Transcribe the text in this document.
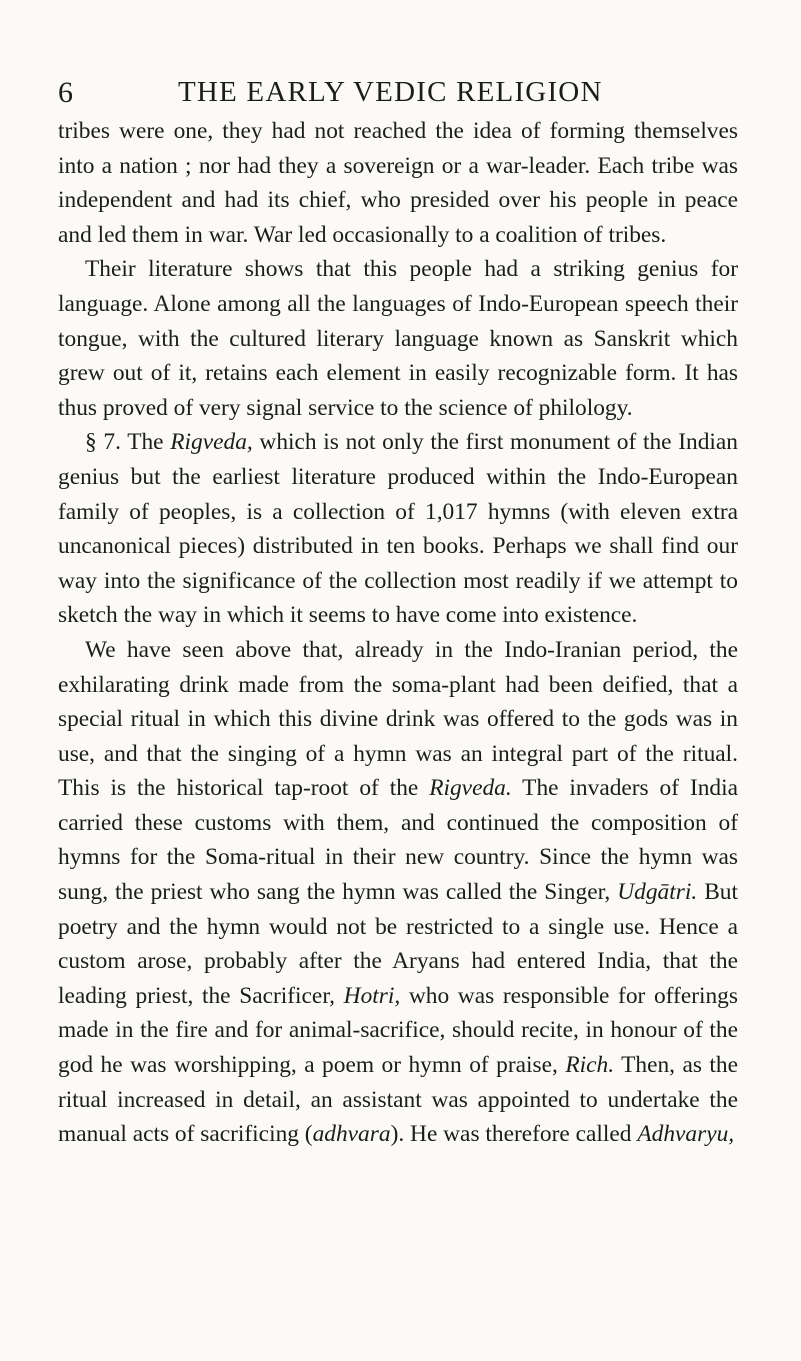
6	THE EARLY VEDIC RELIGION

tribes were one, they had not reached the idea of forming themselves into a nation ; nor had they a sovereign or a war-leader. Each tribe was independent and had its chief, who presided over his people in peace and led them in war. War led occasionally to a coalition of tribes.

Their literature shows that this people had a striking genius for language. Alone among all the languages of Indo-European speech their tongue, with the cultured literary language known as Sanskrit which grew out of it, retains each element in easily recognizable form. It has thus proved of very signal service to the science of philology.

§ 7. The Rigveda, which is not only the first monument of the Indian genius but the earliest literature produced within the Indo-European family of peoples, is a collection of 1,017 hymns (with eleven extra uncanonical pieces) distributed in ten books. Perhaps we shall find our way into the significance of the collection most readily if we attempt to sketch the way in which it seems to have come into existence.

We have seen above that, already in the Indo-Iranian period, the exhilarating drink made from the soma-plant had been deified, that a special ritual in which this divine drink was offered to the gods was in use, and that the singing of a hymn was an integral part of the ritual. This is the historical tap-root of the Rigveda. The invaders of India carried these customs with them, and continued the composition of hymns for the Soma-ritual in their new country. Since the hymn was sung, the priest who sang the hymn was called the Singer, Udgātri. But poetry and the hymn would not be restricted to a single use. Hence a custom arose, probably after the Aryans had entered India, that the leading priest, the Sacrificer, Hotri, who was responsible for offerings made in the fire and for animal-sacrifice, should recite, in honour of the god he was worshipping, a poem or hymn of praise, Rich. Then, as the ritual increased in detail, an assistant was appointed to undertake the manual acts of sacrificing (adhvara). He was therefore called Adhvaryu,
